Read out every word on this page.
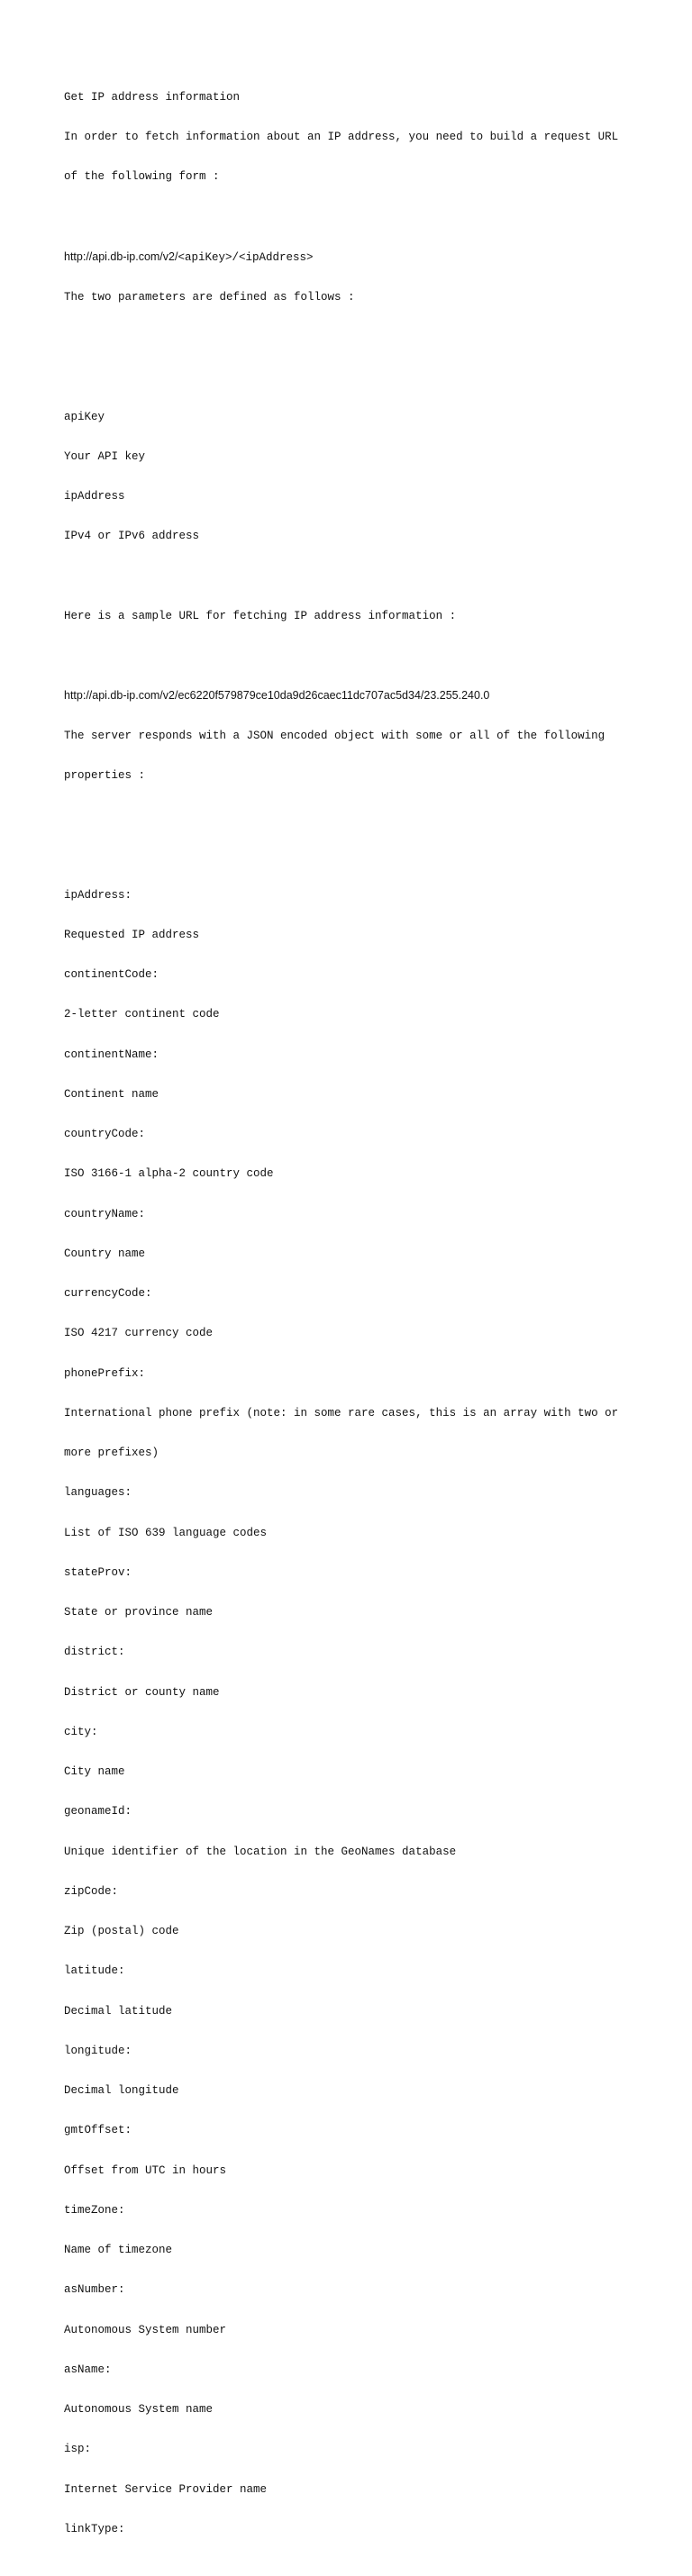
Get IP address information

In order to fetch information about an IP address, you need to build a request URL

of the following form :

http://api.db-ip.com/v2/<apiKey>/<ipAddress>

The two parameters are defined as follows :

apiKey

Your API key

ipAddress

IPv4 or IPv6 address

Here is a sample URL for fetching IP address information :

http://api.db-ip.com/v2/ec6220f579879ce10da9d26caec11dc707ac5d34/23.255.240.0

The server responds with a JSON encoded object with some or all of the following

properties :

ipAddress:

Requested IP address

continentCode:

2-letter continent code

continentName:

Continent name

countryCode:

ISO 3166-1 alpha-2 country code

countryName:

Country name

currencyCode:

ISO 4217 currency code

phonePrefix:

International phone prefix (note: in some rare cases, this is an array with two or

more prefixes)

languages:

List of ISO 639 language codes

stateProv:

State or province name

district:

District or county name

city:

City name

geonameId:

Unique identifier of the location in the GeoNames database

zipCode:

Zip (postal) code

latitude:

Decimal latitude

longitude:

Decimal longitude

gmtOffset:

Offset from UTC in hours

timeZone:

Name of timezone

asNumber:

Autonomous System number

asName:

Autonomous System name

isp:

Internet Service Provider name

linkType:
